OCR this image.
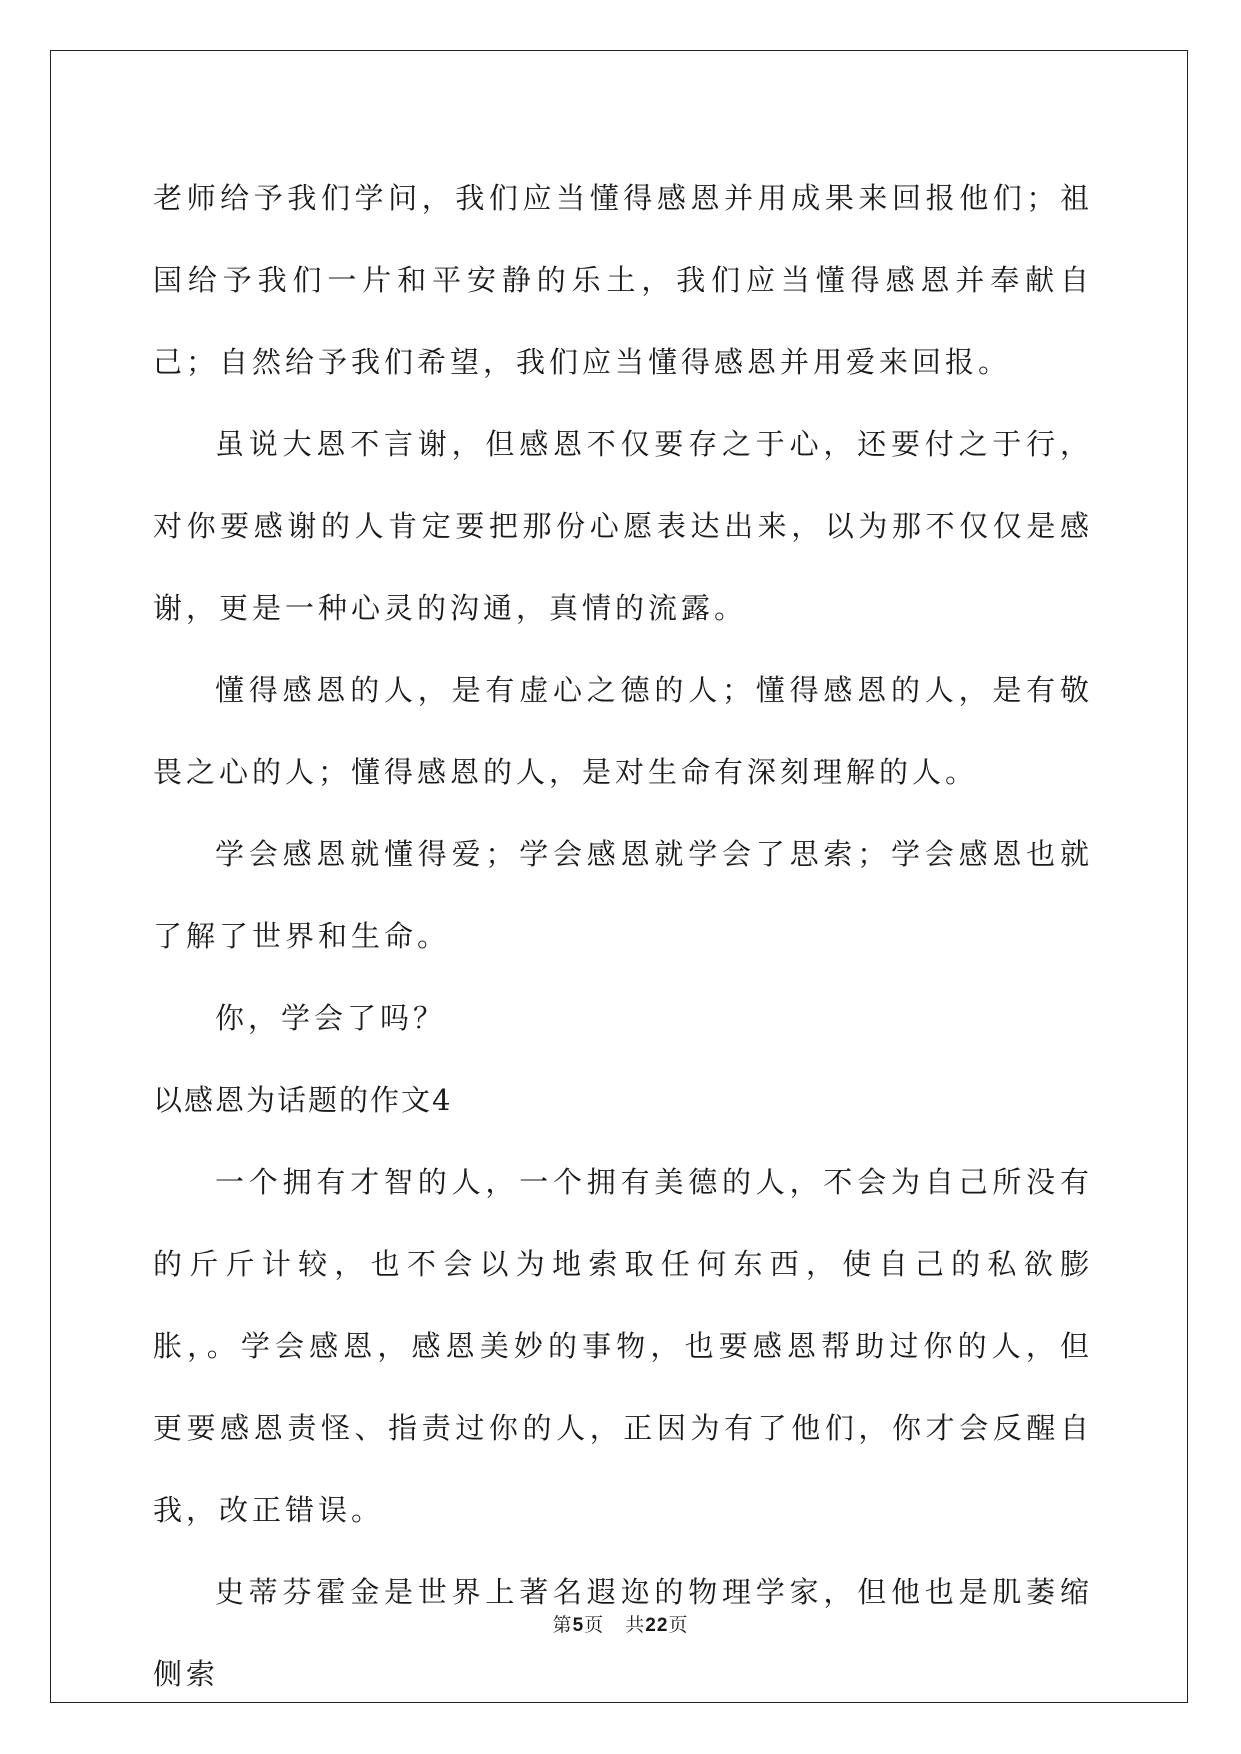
老师给予我们学问，我们应当懂得感恩并用成果来回报他们；祖国给予我们一片和平安静的乐土，我们应当懂得感恩并奉献自己；自然给予我们希望，我们应当懂得感恩并用爱来回报。

虽说大恩不言谢，但感恩不仅要存之于心，还要付之于行，对你要感谢的人肯定要把那份心愿表达出来，以为那不仅仅是感谢，更是一种心灵的沟通，真情的流露。

懂得感恩的人，是有虚心之德的人；懂得感恩的人，是有敬畏之心的人；懂得感恩的人，是对生命有深刻理解的人。

学会感恩就懂得爱；学会感恩就学会了思索；学会感恩也就了解了世界和生命。

你，学会了吗？

以感恩为话题的作文4

一个拥有才智的人，一个拥有美德的人，不会为自己所没有的斤斤计较，也不会以为地索取任何东西，使自己的私欲膨胀，。学会感恩，感恩美妙的事物，也要感恩帮助过你的人，但更要感恩责怪、指责过你的人，正因为有了他们，你才会反醒自我，改正错误。

史蒂芬霍金是世界上著名遐迩的物理学家，但他也是肌萎缩侧索

第5页 共22页
